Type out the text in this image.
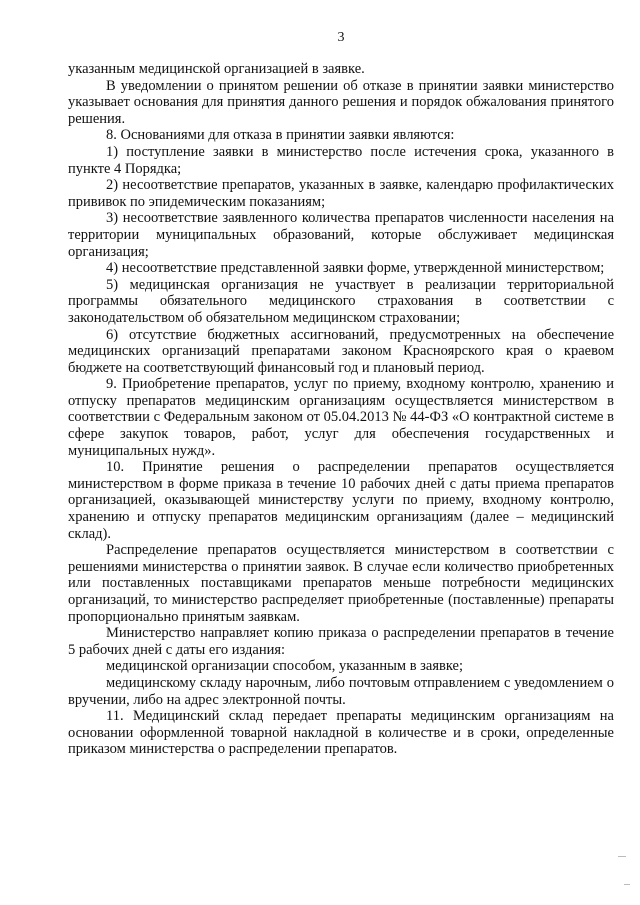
3

указанным медицинской организацией в заявке.

В уведомлении о принятом решении об отказе в принятии заявки министерство указывает основания для принятия данного решения и порядок обжалования принятого решения.

8. Основаниями для отказа в принятии заявки являются:

1) поступление заявки в министерство после истечения срока, указанного в пункте 4 Порядка;

2) несоответствие препаратов, указанных в заявке, календарю профилактических прививок по эпидемическим показаниям;

3) несоответствие заявленного количества препаратов численности населения на территории муниципальных образований, которые обслуживает медицинская организация;

4) несоответствие представленной заявки форме, утвержденной министерством;

5) медицинская организация не участвует в реализации территориальной программы обязательного медицинского страхования в соответствии с законодательством об обязательном медицинском страховании;

6) отсутствие бюджетных ассигнований, предусмотренных на обеспечение медицинских организаций препаратами законом Красноярского края о краевом бюджете на соответствующий финансовый год и плановый период.

9. Приобретение препаратов, услуг по приему, входному контролю, хранению и отпуску препаратов медицинским организациям осуществляется министерством в соответствии с Федеральным законом от 05.04.2013 № 44-ФЗ «О контрактной системе в сфере закупок товаров, работ, услуг для обеспечения государственных и муниципальных нужд».

10. Принятие решения о распределении препаратов осуществляется министерством в форме приказа в течение 10 рабочих дней с даты приема препаратов организацией, оказывающей министерству услуги по приему, входному контролю, хранению и отпуску препаратов медицинским организациям (далее – медицинский склад).

Распределение препаратов осуществляется министерством в соответствии с решениями министерства о принятии заявок. В случае если количество приобретенных или поставленных поставщиками препаратов меньше потребности медицинских организаций, то министерство распределяет приобретенные (поставленные) препараты пропорционально принятым заявкам.

Министерство направляет копию приказа о распределении препаратов в течение 5 рабочих дней с даты его издания:

медицинской организации способом, указанным в заявке;

медицинскому складу нарочным, либо почтовым отправлением с уведомлением о вручении, либо на адрес электронной почты.

11. Медицинский склад передает препараты медицинским организациям на основании оформленной товарной накладной в количестве и в сроки, определенные приказом министерства о распределении препаратов.
